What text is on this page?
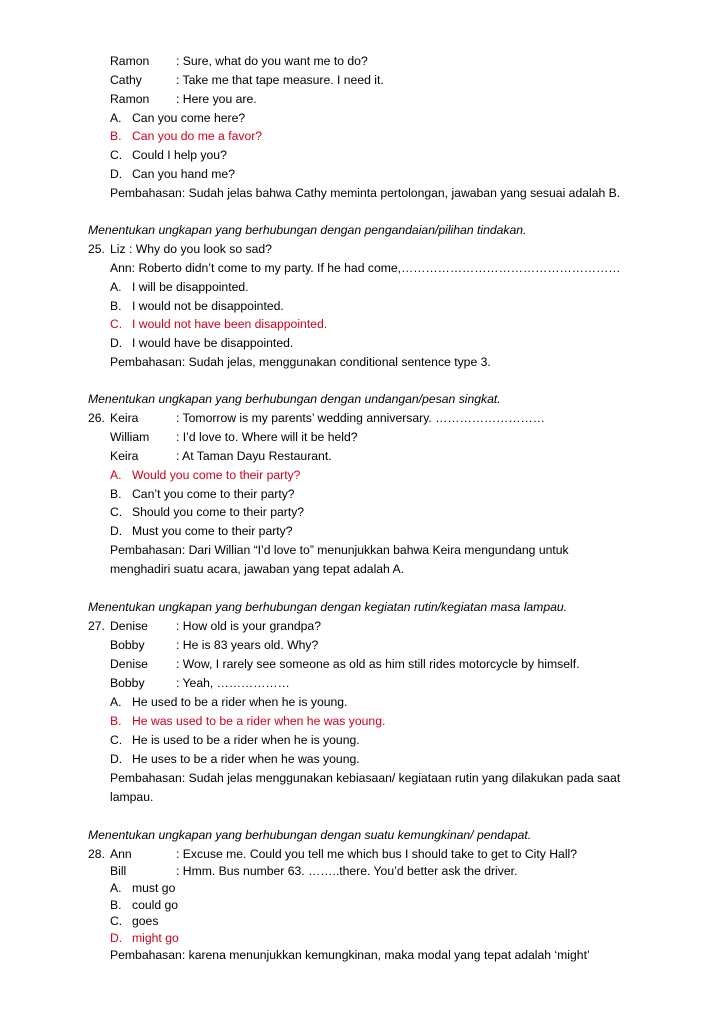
Ramon : Sure, what do you want me to do?
Cathy	: Take me that tape measure. I need it.
Ramon : Here you are.
A. Can you come here?
B. Can you do me a favor?
C. Could I help you?
D. Can you hand me?
Pembahasan: Sudah jelas bahwa Cathy meminta pertolongan, jawaban yang sesuai adalah B.
Menentukan ungkapan yang berhubungan dengan pengandaian/pilihan tindakan.
25. Liz : Why do you look so sad?
Ann: Roberto didn’t come to my party. If he had come,………………………………………………
A. I will be disappointed.
B. I would not be disappointed.
C. I would not have been disappointed.
D. I would have be disappointed.
Pembahasan: Sudah jelas, menggunakan conditional sentence type 3.
Menentukan ungkapan yang berhubungan dengan undangan/pesan singkat.
26. Keira	: Tomorrow is my parents’ wedding anniversary. ………………………
William : I’d love to. Where will it be held?
Keira	: At Taman Dayu Restaurant.
A. Would you come to their party?
B. Can’t you come to their party?
C. Should you come to their party?
D. Must you come to their party?
Pembahasan: Dari Willian “I’d love to” menunjukkan bahwa Keira mengundang untuk
menghadiri suatu acara, jawaban yang tepat adalah A.
Menentukan ungkapan yang berhubungan dengan kegiatan rutin/kegiatan masa lampau.
27. Denise : How old is your grandpa?
Bobby	: He is 83 years old. Why?
Denise : Wow, I rarely see someone as old as him still rides motorcycle by himself.
Bobby	: Yeah, ………………
A. He used to be a rider when he is young.
B. He was used to be a rider when he was young.
C. He is used to be a rider when he is young.
D. He uses to be a rider when he was young.
Pembahasan: Sudah jelas menggunakan kebiasaan/ kegiataan rutin yang dilakukan pada saat
lampau.
Menentukan ungkapan yang berhubungan dengan suatu kemungkinan/ pendapat.
28. Ann	: Excuse me. Could you tell me which bus I should take to get to City Hall?
Bill	: Hmm. Bus number 63. ……..there. You’d better ask the driver.
A. must go
B. could go
C. goes
D. might go
Pembahasan: karena menunjukkan kemungkinan, maka modal yang tepat adalah ‘might’
